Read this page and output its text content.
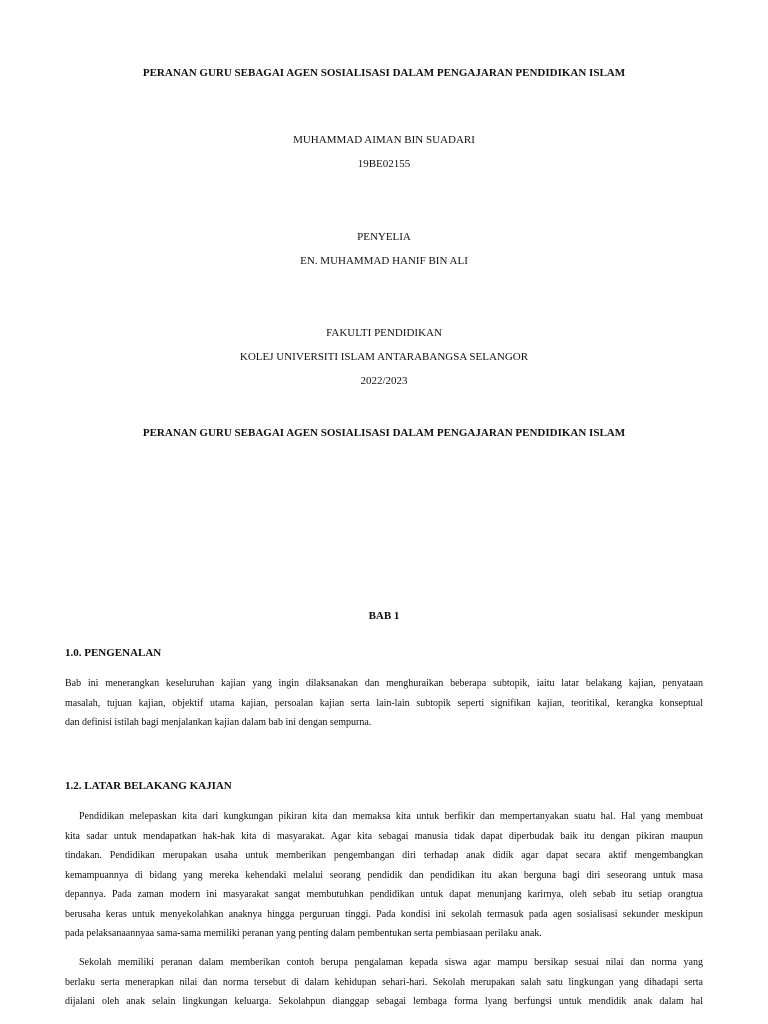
PERANAN GURU SEBAGAI AGEN SOSIALISASI DALAM PENGAJARAN PENDIDIKAN ISLAM
MUHAMMAD AIMAN BIN SUADARI
19BE02155
PENYELIA
EN. MUHAMMAD HANIF BIN ALI
FAKULTI PENDIDIKAN
KOLEJ UNIVERSITI ISLAM ANTARABANGSA SELANGOR
2022/2023
PERANAN GURU SEBAGAI AGEN SOSIALISASI DALAM PENGAJARAN PENDIDIKAN ISLAM
BAB 1
1.0. PENGENALAN
Bab ini menerangkan keseluruhan kajian yang ingin dilaksanakan dan menghuraikan beberapa subtopik, iaitu latar belakang kajian, penyataan
masalah, tujuan kajian, objektif utama kajian, persoalan kajian serta lain-lain subtopik seperti signifikan kajian, teoritikal, kerangka konseptual
dan definisi istilah bagi menjalankan kajian dalam bab ini dengan sempurna.
1.2. LATAR BELAKANG KAJIAN
Pendidikan melepaskan kita dari kungkungan pikiran kita dan memaksa kita untuk berfikir dan mempertanyakan suatu hal. Hal yang membuat
kita sadar untuk mendapatkan hak-hak kita di masyarakat. Agar kita sebagai manusia tidak dapat diperbudak baik itu dengan pikiran maupun
tindakan. Pendidikan merupakan usaha untuk memberikan pengembangan diri terhadap anak didik agar dapat secara aktif mengembangkan
kemampuannya di bidang yang mereka kehendaki melalui seorang pendidik dan pendidikan itu akan berguna bagi diri seseorang untuk masa
depannya. Pada zaman modern ini masyarakat sangat membutuhkan pendidikan untuk dapat menunjang karirnya, oleh sebab itu setiap orangtua
berusaha keras untuk menyekolahkan anaknya hingga perguruan tinggi. Pada kondisi ini sekolah termasuk pada agen sosialisasi sekunder meskipun
pada pelaksanaannyaa sama-sama memiliki peranan yang penting dalam pembentukan serta pembiasaan perilaku anak.
Sekolah memiliki peranan dalam memberikan contoh berupa pengalaman kepada siswa agar mampu bersikap sesuai nilai dan norma yang
berlaku serta menerapkan nilai dan norma tersebut di dalam kehidupan sehari-hari. Sekolah merupakan salah satu lingkungan yang dihadapi serta
dijalani oleh anak selain lingkungan keluarga. Sekolahpun dianggap sebagai lembaga forma lyang berfungsi untuk mendidik anak dalam hal
